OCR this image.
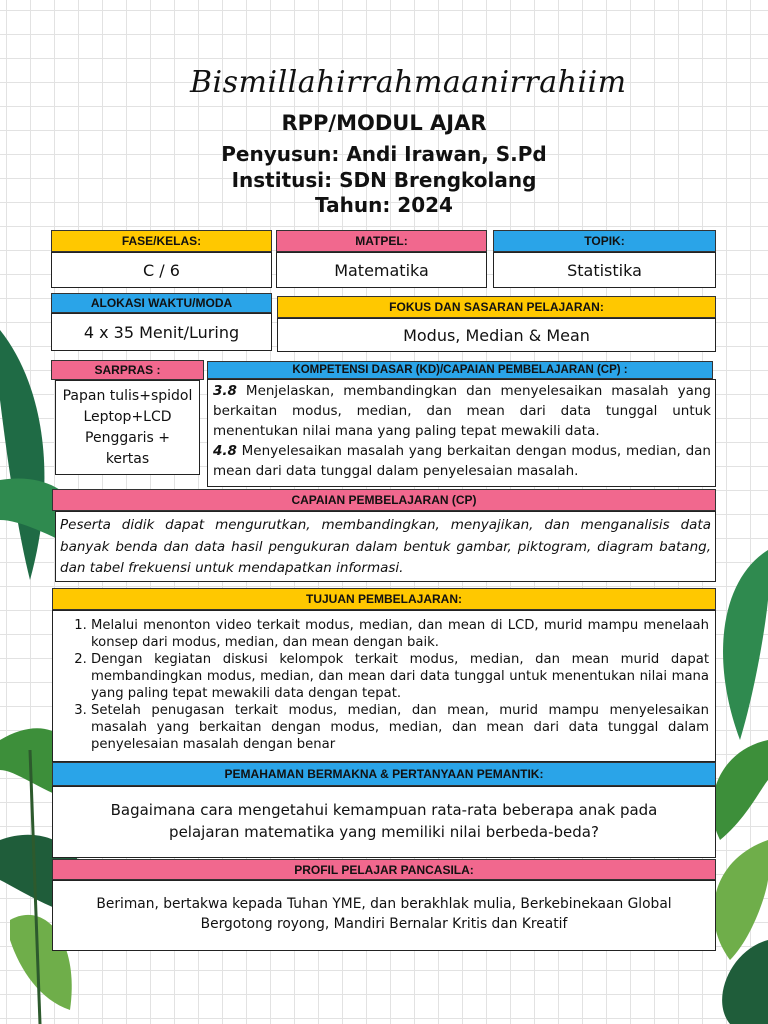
Bismillahirrahmaanirrahiim
RPP/MODUL AJAR
Penyusun: Andi Irawan, S.Pd
Institusi: SDN Brengkolang
Tahun: 2024
FASE/KELAS:
C / 6
MATPEL:
Matematika
TOPIK:
Statistika
ALOKASI WAKTU/MODA
4 x 35 Menit/Luring
FOKUS DAN SASARAN PELAJARAN:
Modus, Median & Mean
SARPRAS :
Papan tulis+spidol
Leptop+LCD
Penggaris +
kertas
KOMPETENSI DASAR (KD)/CAPAIAN PEMBELAJARAN (CP) :
3.8 Menjelaskan, membandingkan dan menyelesaikan masalah yang berkaitan modus, median, dan mean dari data tunggal untuk menentukan nilai mana yang paling tepat mewakili data.
4.8 Menyelesaikan masalah yang berkaitan dengan modus, median, dan mean dari data tunggal dalam penyelesaian masalah.
CAPAIAN PEMBELAJARAN (CP)
Peserta didik dapat mengurutkan, membandingkan, menyajikan, dan menganalisis data banyak benda dan data hasil pengukuran dalam bentuk gambar, piktogram, diagram batang, dan tabel frekuensi untuk mendapatkan informasi.
TUJUAN PEMBELAJARAN:
1. Melalui menonton video terkait modus, median, dan mean di LCD, murid mampu menelaah konsep dari modus, median, dan mean dengan baik.
2. Dengan kegiatan diskusi kelompok terkait modus, median, dan mean murid dapat membandingkan modus, median, dan mean dari data tunggal untuk menentukan nilai mana yang paling tepat mewakili data dengan tepat.
3. Setelah penugasan terkait modus, median, dan mean, murid mampu menyelesaikan masalah yang berkaitan dengan modus, median, dan mean dari data tunggal dalam penyelesaian masalah dengan benar
PEMAHAMAN BERMAKNA & PERTANYAAN PEMANTIK:
Bagaimana cara mengetahui kemampuan rata-rata beberapa anak pada
pelajaran matematika yang memiliki nilai berbeda-beda?
PROFIL PELAJAR PANCASILA:
Beriman, bertakwa kepada Tuhan YME, dan berakhlak mulia, Berkebinekaan Global
Bergotong royong, Mandiri Bernalar Kritis dan Kreatif
